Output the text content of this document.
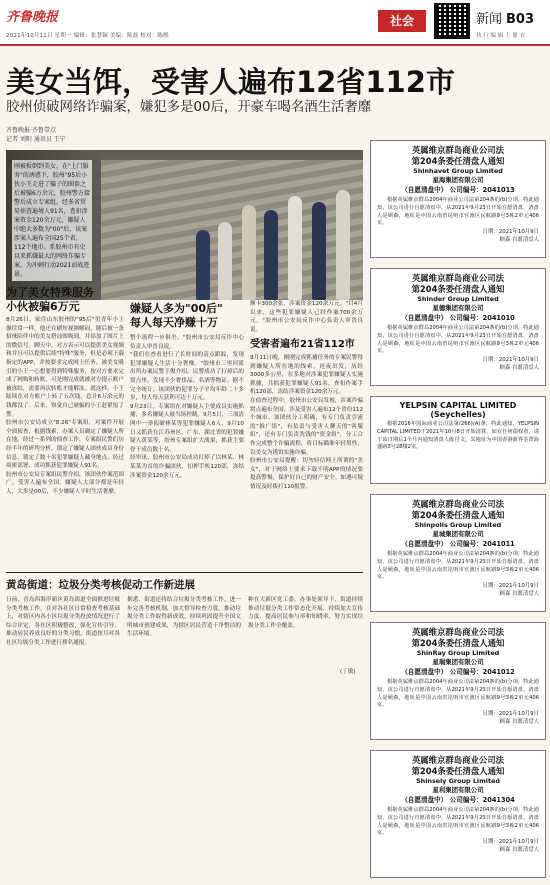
齐鲁晚报
2021年10月11日 星期一 编辑：张慧颖 美编：陈磊 校对：陈熙
社会	新闻 B03
执 行 编 辑 上 鼎 衣
美女当饵，受害人遍布12省112市
胶州侦破网络诈骗案，嫌犯多是00后，开豪车喝名酒生活奢靡
齐鲁晚报·齐鲁壹点
记者 刘阳 通讯员 王宁
刚被扳倒到美女，在"上门服务"的诱惑下，胶州"95后小伙小王走进了骗子的圈套之后被骗6万余元，胶州警方接警后成立专案组，经多省贸易侦查遍境人91名，查扣涉案资金120余万元，嫌疑人中绝大多数为"00"后，该案涉案人遍布全国25个省，112个地市。系胶州市有史以来抓嫌最大的网络诈骗专案，为冲刺行动2021而战迹景。
为了美女特殊服务
小伙被骗6万元
8月26日，家住山东胶州的"95后"男青年小王像往常一样，他还在刷短视频解闷，随后被一条招徕陪伴中的美女搭讪图吸到，并添加了图片上的微信号。聊天中，对方表示可以提供美女视频和并且可以提供后续"特殊"服务，但是必须下载指定的APP，并按要求完成网上任务。被美女吸引的小王一心想要得到特殊服务，按对方要求完成了网购和转账，可是刚完成就被对方提示账户被冻结，需要再次转账才能解冻。就这样，小王陆续在对方账户上转了五次钱，总计6万余元的钱都没了。后来，察觉自己被骗的小王赶紧报了警。
胶州市公安局成立"8.26"专案组，对案件开展全面侦查，根据线索，办案人员确定了嫌疑人所在地。经过一系列的侦查工作，专案组民警们历经半年的研判分析，锁定了嫌疑人团伙成员身份信息，锁定了数十名犯罪嫌疑人藏身地点。经过周密部署，成功抓获犯罪嫌疑人91名。
胶州市公安局专案组民警介绍，该团伙作案范围广，受害人遍布全国，嫌疑人大部分都是年轻人，大多是00后，不少嫌疑人平时生活奢靡。
嫌疑人多为"00后"
每人每天净赚十万
整个流程一应俱全。"胶州市公安局反诈中心负责人审晋良说。
"我们在查看进行了长时间的清点跟踪，发现犯罪嫌疑人生活十分奢靡。"胶州市三里河派出所办案民警王俊介绍，民警成功了打掉后的窝点里，发现不少奢侈品、名酒等物证。据不完全统计，该团伙的犯罪分子平均年龄二十多岁，每人每天获利可达十万元。
9月23日，专案组在对嫌疑人主要成员实施抓捕，多名嫌疑人被当场控制。9月5日，三项清网中一举侦破林某等犯罪嫌疑人6人，9月10日又抓获在江苏州区、广东、湖北省的犯罪嫌疑人黄某等，胶州专案组扩大战果，抓获主要骨干成员数十名。
经审讯，胶州市公安局成功打掉了以林某、林某某为首的诈骗团伙，扣押手机120部，冻结涉案资金120余万元。
额卡300余张，涉案资金120余万元。"目4月以来，这些犯罪嫌疑人已经作案700余万元，"胶州市公安局反诈中心负责人审晋良说。
受害者遍布21省112市
9月11日晚，刚刚完成抓捕任务的专案民警得到嫌疑人所在地的线索，连夜出发，历经3000多公里，在多地对涉案犯罪嫌疑人实施抓捕，共抓获犯罪嫌疑人91名，查扣作案手机120部，冻结涉案资金120余万元。
在侦查过程中，胶州市公安局发现，涉案诈骗窝点遍布全国，涉及受害人遍布12个省份112个城市。该团伙分工明确，有专门负责引流的"推广组"，有负责与受害人聊天的"客服组"，还有专门负责洗钱的"资金组"，分工合作完成整个诈骗流程，将目标瞄准年轻男性，以美女为诱饵实施诈骗。
胶州市公安局提醒：切勿轻信网上所谓的"美女"，对于网络上要求下载不明APP的情况要提高警惕，保护好自己的财产安全。如遇可疑情况及时拨打110报警。
黄岛街道：垃圾分类考核促动工作新进展
日前，青岛西海岸新区黄岛街道全面推进垃圾分类考核工作，在对各社区日常检查考核基础上，对辖区内各小区垃圾分类投放情况进行了综合评定，各社区积极整改，强化宣传引导，推动居民养成良好的分类习惯，街道按月对各社区垃圾分类工作进行排名通报。
据悉，街道还将结合垃圾分类考核工作，进一步完善考核机制，加大督导检查力度，推动垃圾分类工作取得新成效，持续巩固提升全国文明城市创建成果，为辖区居民营造干净整洁的生活环境。
种在大新区党工委、办事处领导下，街道持续推动垃圾分类工作常态化开展，持续加大宣传力度，提高居民参与率和知晓率，努力实现垃圾分类工作全覆盖。
(丁敏)
英属维京群岛商业公司法
第204条委任清盘人通知
Shinhavet Group Limited
星海集团有限公司
（自愿清盘中） 公司编号：2041013
根据英属维京群岛2004年商业公司法第204条的(b)分项，特此通知，该公司进行自愿清盘中，从2021年9月23日开始自愿清盘，清盘人是顾森，地址是中国云南省昆明市官渡区民航路9号3栋2单元406室。
日期：2021年10月9日
顾森 自愿清盘人
英属维京群岛商业公司法
第204条委任清盘人通知
Shinder Group Limited
星德集团有限公司
（自愿清盘中） 公司编号：2041010
根据英属维京群岛2004年商业公司法第204条的(b)分项，特此通知，该公司进行自愿清盘中，从2021年9月23日开始自愿清盘，清盘人是顾森，地址是中国云南省昆明市官渡区民航路9号3栋2单元406室。
日期：2021年10月9日
顾森 自愿清盘人
YELPSIN CAPITAL LIMITED
(Seychelles)
根据2016年国际商业公司法第(266)(A)条，特此通知，YELPSIN CAPITAL LIMITED于2021年10月8日开始清算，如有任何债权者，请于该日期后1个月内通知清盘人陈丹文，其地址为中国香港新界荃湾海盛路3号28楼2室。
英属维京群岛商业公司法
第204条委任清盘人通知
Shinpolis Group Limited
星城集团有限公司
（自愿清盘中） 公司编号：2041011
根据英属维京群岛2004年商业公司法第204条的(b)分项，特此通知，该公司进行自愿清盘中，从2021年9月23日开始自愿清盘，清盘人是顾森，地址是中国云南省昆明市官渡区民航路9号3栋2单元406室。
日期：2021年10月9日
顾森 自愿清盘人
英属维京群岛商业公司法
第204条委任清盘人通知
ShinRay Group Limited
星瑞集团有限公司
（自愿清盘中） 公司编号：2041012
根据英属维京群岛2004年商业公司法第204条的(b)分项，特此通知，该公司进行自愿清盘中，从2021年9月23日开始自愿清盘，清盘人是顾森，地址是中国云南省昆明市官渡区民航路9号3栋2单元406室。
日期：2021年10月9日
顾森 自愿清盘人
英属维京群岛商业公司法
第204条委任清盘人通知
Shinsely Group Limited
星利集团有限公司
（自愿清盘中） 公司编号：2041304
根据英属维京群岛2004年商业公司法第204条的(b)分项，特此通知，该公司进行自愿清盘中，从2021年9月23日开始自愿清盘，清盘人是顾森，地址是中国云南省昆明市官渡区民航路9号3栋2单元406室。
日期：2021年10月9日
顾森 自愿清盘人
